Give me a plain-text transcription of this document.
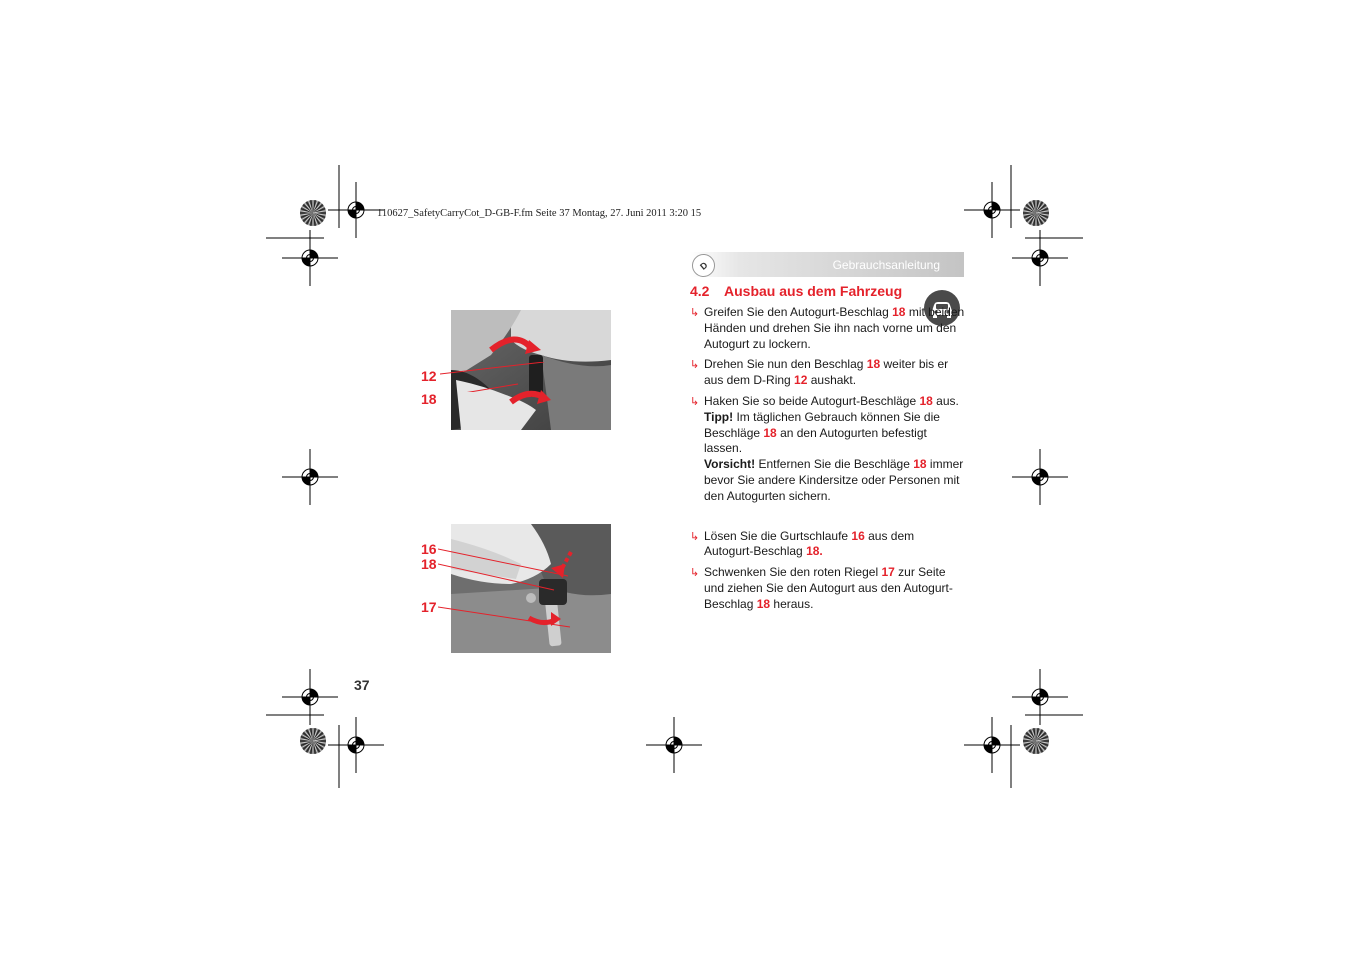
110627_SafetyCarryCot_D-GB-F.fm Seite 37 Montag, 27. Juni 2011 3:20 15
D	Gebrauchsanleitung
4.2 Ausbau aus dem Fahrzeug
↳ Greifen Sie den Autogurt-Beschlag 18 mit beiden Händen und drehen Sie ihn nach vorne um den Autogurt zu lockern.
↳ Drehen Sie nun den Beschlag 18 weiter bis er aus dem D-Ring 12 aushakt.
↳ Haken Sie so beide Autogurt-Beschläge 18 aus.
Tipp! Im täglichen Gebrauch können Sie die Beschläge 18 an den Autogurten befestigt lassen.
Vorsicht! Entfernen Sie die Beschläge 18 immer bevor Sie andere Kindersitze oder Personen mit den Autogurten sichern.
↳ Lösen Sie die Gurtschlaufe 16 aus dem Autogurt-Beschlag 18.
↳ Schwenken Sie den roten Riegel 17 zur Seite und ziehen Sie den Autogurt aus den Autogurt-Beschlag 18 heraus.
12
18
16
18
17
37
